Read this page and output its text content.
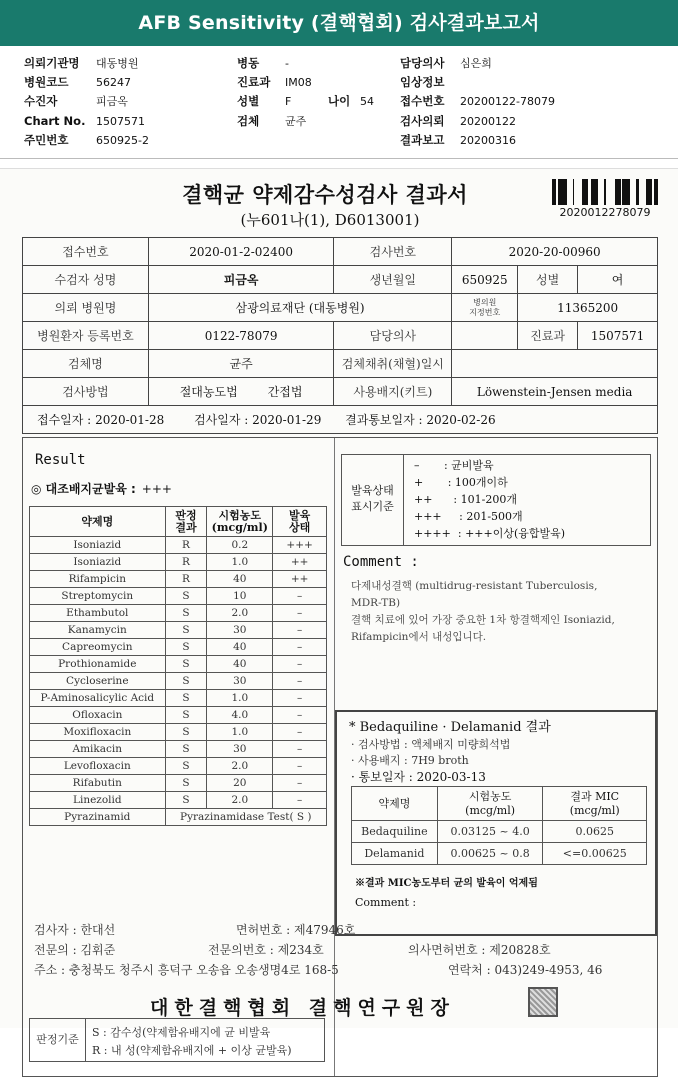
AFB Sensitivity (결핵협회) 검사결과보고서
의뢰기관명 대동병원
병원코드	56247
수진자	피금옥
Chart No. 1507571
주민번호	650925-2
병동 -
진료과 IM08
성별 F
검체 균주
나이 54
담당의사 심은희
임상정보
접수번호 20200122-78079
검사의뢰 20200122
결과보고 20200316
결핵균 약제감수성검사 결과서
(누601나(1), D6013001)	2020012278079
접수번호	2020-01-2-02400	검사번호	2020-20-00960		
수검자 성명	피금옥	생년월일	650925	성별	여
의뢰 병원명	삼광의료재단 (대동병원)		병의원
지정번호	11365200	
병원환자 등록번호	0122-78079	담당의사		진료과	1507571
검체명	균주	검체채취(채혈)일시			
검사방법	절대농도법 간접법	사용배지(키트)	Löwenstein-Jensen media		
접수일자 : 2020-01-28 검사일자 : 2020-01-29 결과통보일자 : 2020-02-26					
Result
◎ 대조배지균발육 : +++
약제명	판정
결과	시험농도
(mcg/ml)	발육
상태
Isoniazid	R	0.2	+++
Isoniazid	R	1.0	++
Rifampicin	R	40	++
Streptomycin	S	10	–
Ethambutol	S	2.0	–
Kanamycin	S	30	–
Capreomycin	S	40	–
Prothionamide	S	40	–
Cycloserine	S	30	–
P-Aminosalicylic Acid	S	1.0	–
Ofloxacin	S	4.0	–
Moxifloxacin	S	1.0	–
Amikacin	S	30	–
Levofloxacin	S	2.0	–
Rifabutin	S	20	–
Linezolid	S	2.0	–
Pyrazinamid	Pyrazinamidase Test( S )		
판정기준
S : 감수성(약제함유배지에 균 비발육
R : 내 성(약제함유배지에 + 이상 균발육)
발육상태
표시기준
–       : 균비발육
+       : 100개이하
++      : 101-200개
+++     : 201-500개
++++  : +++이상(융합발육)
Comment :
다제내성결핵 (multidrug-resistant Tuberculosis,
MDR-TB)
결핵 치료에 있어 가장 중요한 1차 항결핵제인 Isoniazid,
Rifampicin에서 내성입니다.
* Bedaquiline · Delamanid 결과
· 검사방법 : 액체배지 미량희석법
· 사용배지 : 7H9 broth
· 통보일자 : 2020-03-13
약제명	시험농도
(mcg/ml)	결과 MIC
(mcg/ml)
Bedaquiline	0.03125 ~ 4.0	0.0625
Delamanid	0.00625 ~ 0.8	<=0.00625
※결과 MIC농도부터 균의 발육이 억제됨
Comment :
검사자 : 한대선	면허번호 : 제47946호
전문의 : 김휘준	전문의번호 : 제234호	의사면허번호 : 제20828호
주소 : 충청북도 청주시 흥덕구 오송읍 오송생명4로 168-5	연락처 : 043)249-4953, 46
대한결핵협회 결핵연구원장
